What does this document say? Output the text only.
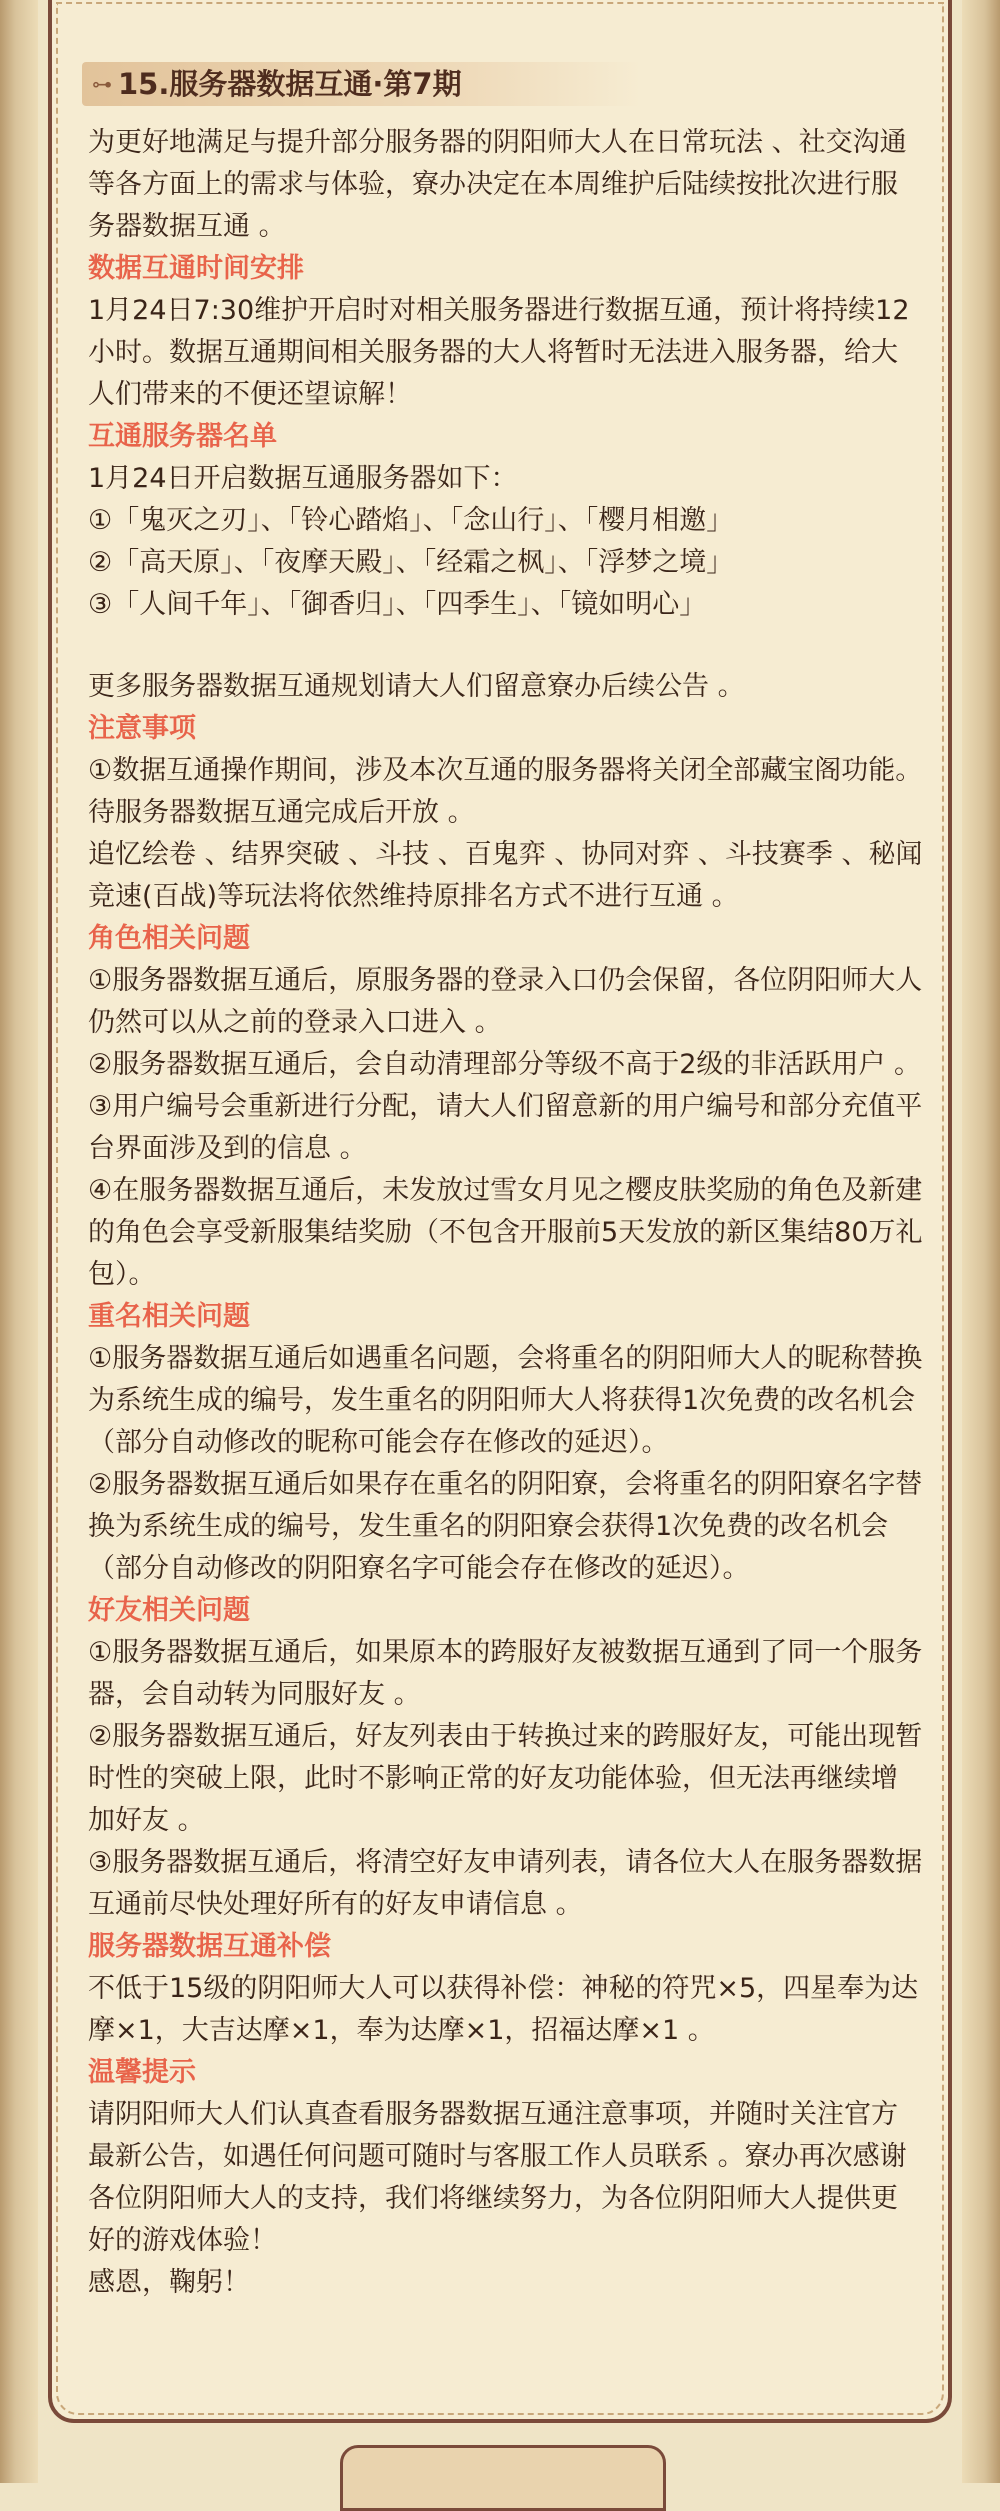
⊶ 15.服务器数据互通·第7期
为更好地满足与提升部分服务器的阴阳师大人在日常玩法 、社交沟通等各方面上的需求与体验，寮办决定在本周维护后陆续按批次进行服务器数据互通 。
数据互通时间安排
1月24日7:30维护开启时对相关服务器进行数据互通，预计将持续12小时。数据互通期间相关服务器的大人将暂时无法进入服务器，给大人们带来的不便还望谅解！
互通服务器名单
1月24日开启数据互通服务器如下：
①「鬼灭之刃」、「铃心踏焰」、「念山行」、「樱月相邀」
②「高天原」、「夜摩天殿」、「经霜之枫」、「浮梦之境」
③「人间千年」、「御香归」、「四季生」、「镜如明心」
更多服务器数据互通规划请大人们留意寮办后续公告 。
注意事项
①数据互通操作期间，涉及本次互通的服务器将关闭全部藏宝阁功能。待服务器数据互通完成后开放 。
追忆绘卷 、结界突破 、斗技 、百鬼弈 、协同对弈 、斗技赛季 、秘闻竞速(百战)等玩法将依然维持原排名方式不进行互通 。
角色相关问题
①服务器数据互通后，原服务器的登录入口仍会保留，各位阴阳师大人仍然可以从之前的登录入口进入 。
②服务器数据互通后，会自动清理部分等级不高于2级的非活跃用户 。
③用户编号会重新进行分配，请大人们留意新的用户编号和部分充值平台界面涉及到的信息 。
④在服务器数据互通后，未发放过雪女月见之樱皮肤奖励的角色及新建的角色会享受新服集结奖励（不包含开服前5天发放的新区集结80万礼包）。
重名相关问题
①服务器数据互通后如遇重名问题，会将重名的阴阳师大人的昵称替换为系统生成的编号，发生重名的阴阳师大人将获得1次免费的改名机会（部分自动修改的昵称可能会存在修改的延迟）。
②服务器数据互通后如果存在重名的阴阳寮，会将重名的阴阳寮名字替换为系统生成的编号，发生重名的阴阳寮会获得1次免费的改名机会（部分自动修改的阴阳寮名字可能会存在修改的延迟）。
好友相关问题
①服务器数据互通后，如果原本的跨服好友被数据互通到了同一个服务器，会自动转为同服好友 。
②服务器数据互通后，好友列表由于转换过来的跨服好友，可能出现暂时性的突破上限，此时不影响正常的好友功能体验，但无法再继续增加好友 。
③服务器数据互通后，将清空好友申请列表，请各位大人在服务器数据互通前尽快处理好所有的好友申请信息 。
服务器数据互通补偿
不低于15级的阴阳师大人可以获得补偿：神秘的符咒×5，四星奉为达摩×1，大吉达摩×1，奉为达摩×1，招福达摩×1 。
温馨提示
请阴阳师大人们认真查看服务器数据互通注意事项，并随时关注官方最新公告，如遇任何问题可随时与客服工作人员联系 。寮办再次感谢各位阴阳师大人的支持，我们将继续努力，为各位阴阳师大人提供更好的游戏体验！
感恩，鞠躬！
